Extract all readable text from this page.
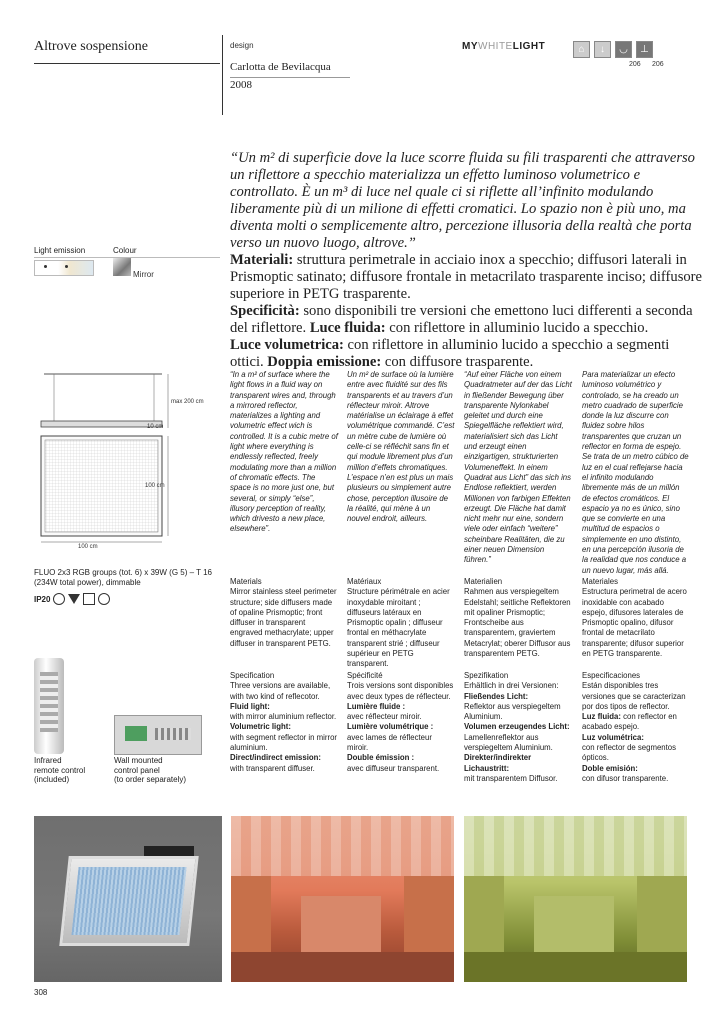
Altrove sospensione	design
Carlotta de Bevilacqua
2008
MYWHITELIGHT	⌂	↓	◡	⊥
206 206

“Un m² di superficie dove la luce scorre fluida su fili trasparenti che attraverso un riflettore a specchio materializza un effetto luminoso volumetrico e controllato. È un m³ di luce nel quale ci si riflette all’infinito modulando liberamente più di un milione di effetti cromatici. Lo spazio non è più uno, ma diventa molti o semplicemente altro, percezione illusoria della realtà che porta verso un nuovo luogo, altrove.”

Materiali: struttura perimetrale in acciaio inox a specchio; diffusori laterali in Prismoptic satinato; diffusore frontale in metacrilato trasparente inciso; diffusore superiore in PETG trasparente.

Specificità: sono disponibili tre versioni che emettono luci differenti a seconda del riflettore. Luce fluida: con riflettore in alluminio lucido a specchio.

Luce volumetrica: con riflettore in alluminio lucido a specchio a segmenti ottici. Doppia emissione: con diffusore trasparente.

Light emission	Colour
Mirror
max 200 cm
10 cm
100 cm
100 cm
FLUO 2x3 RGB groups (tot. 6) x 39W (G 5) – T 16
(234W total power), dimmable
IP20
Infrared
remote control
(included)
Wall mounted
control panel
(to order separately)
“In a m² of surface where the light flows in a fluid way on transparent wires and, through a mirrored reflector, materializes a lighting and volumetric effect wich is controlled. It is a cubic metre of light where everything is endlessly reflected, freely modulating more than a million of chromatic effects. The space is no more just one, but several, or simply “else”, illusory perception of reality, which drivesto a new place, elsewhere”.
Un m² de surface où la lumière entre avec fluidité sur des fils transparents et au travers d’un réflecteur miroir. Altrove matérialise un éclairage à effet volumétrique commandé. C’est un mètre cube de lumière où celle-ci se réfléchit sans fin et qui module librement plus d’un million d’effets chromatiques. L’espace n’en est plus un mais plusieurs ou simplement autre chose, perception illusoire de la réalité, qui mène à un nouvel endroit, ailleurs.
“Auf einer Fläche von einem Quadratmeter auf der das Licht in fließender Bewegung über transparente Nylonkabel geleitet und durch eine Spiegelfläche reflektiert wird, materialisiert sich das Licht und erzeugt einen einzigartigen, strukturierten Volumeneffekt. In einem Quadrat aus Licht” das sich ins Endlose reflektiert, werden Millionen von farbigen Effekten erzeugt. Die Fläche hat damit nicht mehr nur eine, sondern viele oder einfach “weitere” scheinbare Realitäten, die zu einer neuen Dimension führen.”
Para materializar un efecto luminoso volumétrico y controlado, se ha creado un metro cuadrado de superficie donde la luz discurre con fluidez sobre hilos transparentes que cruzan un reflector en forma de espejo. Se trata de un metro cúbico de luz en el cual reflejarse hacia el infinito modulando libremente más de un millón de efectos cromáticos. El espacio ya no es único, sino que se convierte en una multitud de espacios o simplemente en uno distinto, en una percepción ilusoria de la realidad que nos conduce a un nuevo lugar, más allá.
Materials
Mirror stainless steel perimeter structure; side diffusers made of opaline Prismoptic; front diffuser in transparent engraved methacrylate; upper diffuser in transparent PETG.
Matériaux
Structure périmétrale en acier inoxydable miroitant ; diffuseurs latéraux en Prismoptic opalin ; diffuseur frontal en méthacrylate transparent strié ; diffuseur supérieur en PETG transparent.
Materialien
Rahmen aus verspiegeltem Edelstahl; seitliche Reflektoren mit opaliner Prismoptic; Frontscheibe aus transparentem, graviertem Metacrylat; oberer Diffusor aus transparentem PETG.
Materiales
Estructura perimetral de acero inoxidable con acabado espejo, difusores laterales de Prismoptic opalino, difusor frontal de metacrilato transparente; difusor superior en PETG transparente.
Specification
Three versions are available, with two kind of reflecotor.
Fluid light:
with mirror aluminium reflector.
Volumetric light:
with segment reflector in mirror aluminium.
Direct/indirect emission:
with transparent diffuser.
Spécificité
Trois versions sont disponibles avec deux types de réflecteur.
Lumière fluide :
avec réflecteur miroir.
Lumière volumétrique :
avec lames de réflecteur miroir.
Double émission :
avec diffuseur transparent.
Spezifikation
Erhältlich in drei Versionen:
Fließendes Licht:
Reflektor aus verspiegeltem Aluminium.
Volumen erzeugendes Licht: Lamellenreflektor aus verspiegeltem Aluminium.
Direkter/indirekter Lichaustritt:
mit transparentem Diffusor.
Especificaciones
Están disponibles tres versiones que se caracterizan por dos tipos de reflector.
Luz fluida: con reflector en acabado espejo.
Luz volumétrica:
con reflector de segmentos ópticos.
Doble emisión:
con difusor transparente.
308
